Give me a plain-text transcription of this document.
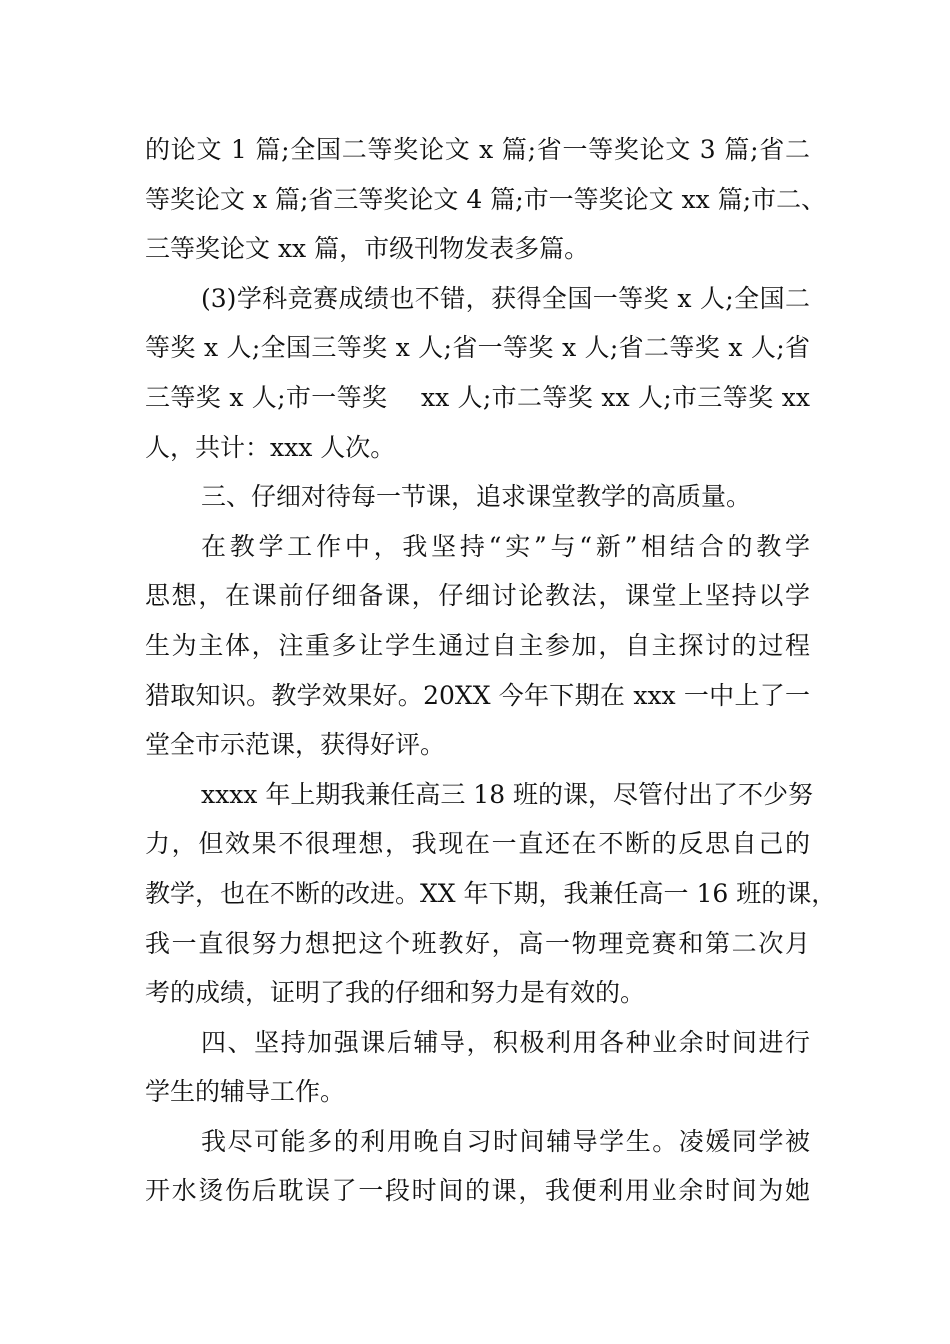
的论文 1 篇;全国二等奖论文 x 篇;省一等奖论文 3 篇;省二
等奖论文 x 篇;省三等奖论文 4 篇;市一等奖论文 xx 篇;市二、
三等奖论文 xx 篇，市级刊物发表多篇。

(3)学科竞赛成绩也不错，获得全国一等奖 x 人;全国二
等奖 x 人;全国三等奖 x 人;省一等奖 x 人;省二等奖 x 人;省
三等奖 x 人;市一等奖　 xx 人;市二等奖 xx 人;市三等奖 xx
人，共计：xxx 人次。

三、仔细对待每一节课，追求课堂教学的高质量。

在教学工作中，我坚持“实”与“新”相结合的教学
思想，在课前仔细备课，仔细讨论教法，课堂上坚持以学
生为主体，注重多让学生通过自主参加，自主探讨的过程
猎取知识。教学效果好。20XX 今年下期在 xxx 一中上了一
堂全市示范课，获得好评。

xxxx 年上期我兼任高三 18 班的课，尽管付出了不少努
力，但效果不很理想，我现在一直还在不断的反思自己的
教学，也在不断的改进。XX 年下期，我兼任高一 16 班的课，
我一直很努力想把这个班教好，高一物理竞赛和第二次月
考的成绩，证明了我的仔细和努力是有效的。

四、坚持加强课后辅导，积极利用各种业余时间进行
学生的辅导工作。

我尽可能多的利用晚自习时间辅导学生。凌媛同学被
开水烫伤后耽误了一段时间的课，我便利用业余时间为她
